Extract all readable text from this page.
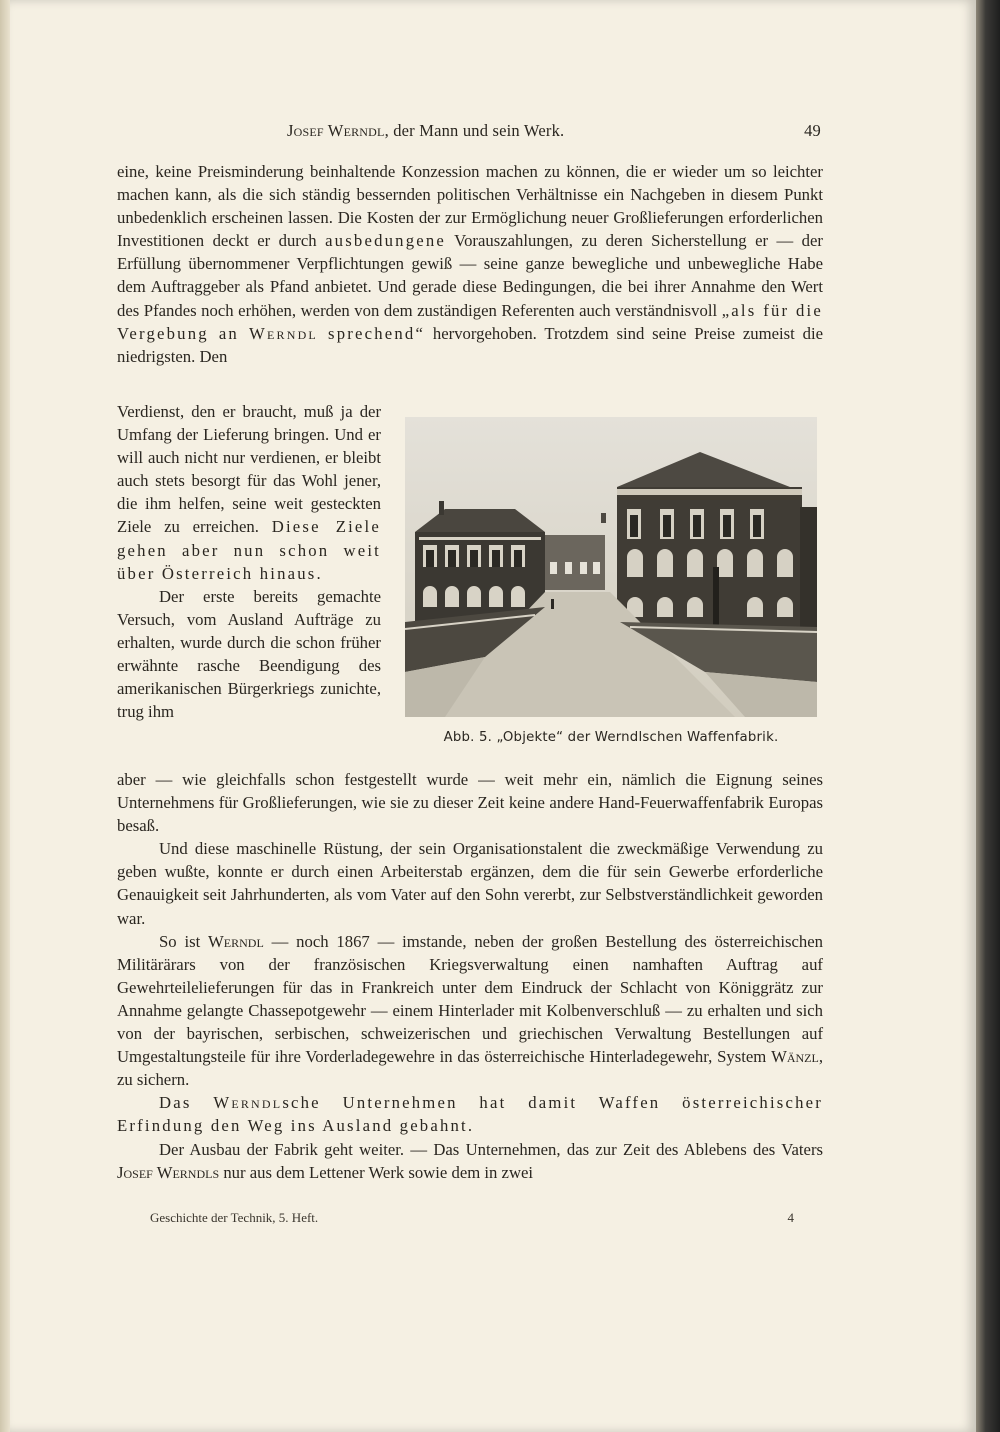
Josef Werndl, der Mann und sein Werk.	49

eine, keine Preisminderung beinhaltende Konzession machen zu können, die er wieder um so leichter machen kann, als die sich ständig bessernden politischen Verhältnisse ein Nachgeben in diesem Punkt unbedenklich erscheinen lassen. Die Kosten der zur Ermöglichung neuer Großlieferungen erforderlichen Investitionen deckt er durch ausbedungene Vorauszahlungen, zu deren Sicherstellung er — der Erfüllung übernommener Verpflichtungen gewiß — seine ganze bewegliche und unbewegliche Habe dem Auftraggeber als Pfand anbietet. Und gerade diese Bedingungen, die bei ihrer Annahme den Wert des Pfandes noch erhöhen, werden von dem zuständigen Referenten auch verständnisvoll „als für die Vergebung an Werndl sprechend“ hervorgehoben. Trotzdem sind seine Preise zumeist die niedrigsten. Den

Verdienst, den er braucht, muß ja der Umfang der Lieferung bringen. Und er will auch nicht nur verdienen, er bleibt auch stets besorgt für das Wohl jener, die ihm helfen, seine weit gesteckten Ziele zu erreichen. Diese Ziele gehen aber nun schon weit über Österreich hinaus.

Der erste bereits gemachte Versuch, vom Ausland Aufträge zu erhalten, wurde durch die schon früher erwähnte rasche Beendigung des amerikanischen Bürgerkriegs zunichte, trug ihm

Abb. 5. „Objekte“ der Werndlschen Waffenfabrik.

aber — wie gleichfalls schon festgestellt wurde — weit mehr ein, nämlich die Eignung seines Unternehmens für Großlieferungen, wie sie zu dieser Zeit keine andere Hand-Feuerwaffenfabrik Europas besaß.

Und diese maschinelle Rüstung, der sein Organisationstalent die zweckmäßige Verwendung zu geben wußte, konnte er durch einen Arbeiterstab ergänzen, dem die für sein Gewerbe erforderliche Genauigkeit seit Jahrhunderten, als vom Vater auf den Sohn vererbt, zur Selbstverständlichkeit geworden war.

So ist Werndl — noch 1867 — imstande, neben der großen Bestellung des österreichischen Militärärars von der französischen Kriegsverwaltung einen namhaften Auftrag auf Gewehrteilelieferungen für das in Frankreich unter dem Eindruck der Schlacht von Königgrätz zur Annahme gelangte Chassepotgewehr — einem Hinterlader mit Kolbenverschluß — zu erhalten und sich von der bayrischen, serbischen, schweizerischen und griechischen Verwaltung Bestellungen auf Umgestaltungsteile für ihre Vorderladegewehre in das österreichische Hinterladegewehr, System Wänzl, zu sichern.

Das Werndlsche Unternehmen hat damit Waffen österreichischer Erfindung den Weg ins Ausland gebahnt.

Der Ausbau der Fabrik geht weiter. — Das Unternehmen, das zur Zeit des Ablebens des Vaters Josef Werndls nur aus dem Lettener Werk sowie dem in zwei

Geschichte der Technik, 5. Heft.	4
